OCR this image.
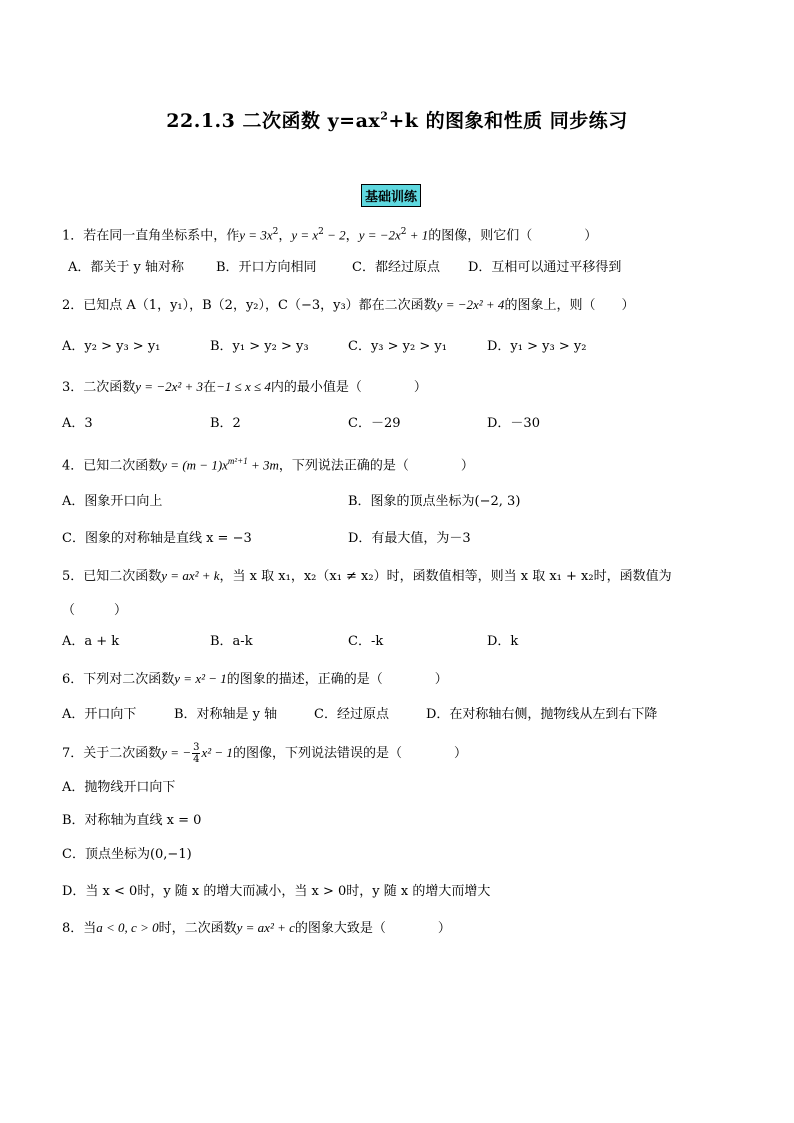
22.1.3 二次函数 $y=ax^2+k$ 的图象和性质 同步练习
基础训练
1．若在同一直角坐标系中，作$y = 3x^2$，$y = x^2 - 2$，$y = -2x^2 + 1$的图像，则它们（　　　　）
A．都关于 y 轴对称 B．开口方向相同	C．都经过原点 D．互相可以通过平移得到
2．已知点 A（1，y₁），B（2，y₂），C（−3，y₃）都在二次函数y = −2x² + 4的图象上，则（　　）
A．y₂ > y₃ > y₁	B．y₁ > y₂ > y₃	C．y₃ > y₂ > y₁	D．y₁ > y₃ > y₂
3．二次函数y = −2x² + 3在−1 ≤ x ≤ 4内的最小值是（　　　　）
A．3	B．2	C．－29	D．－30
4．已知二次函数$y = (m - 1)x^{m^2+1} + 3m$，下列说法正确的是（　　　　）
A．图象开口向上	B．图象的顶点坐标为(−2, 3)
C．图象的对称轴是直线 x = −3	D．有最大值，为－3
5．已知二次函数y = ax² + k，当 x 取 x₁，x₂（x₁ ≠ x₂）时，函数值相等，则当 x 取 x₁ + x₂时，函数值为
（　　　）
A．a + k	B．a-k	C．-k	D．k
6．下列对二次函数y = x² − 1的图象的描述，正确的是（　　　　）
A．开口向下	B．对称轴是 y 轴	C．经过原点	D．在对称轴右侧，抛物线从左到右下降
7．关于二次函数y = − $\frac{3}{4} x^2 - 1$的图像，下列说法错误的是（　　　　）
A．抛物线开口向下
B．对称轴为直线 x = 0
C．顶点坐标为(0,−1)
D．当 x < 0时，y 随 x 的增大而减小，当 x > 0时，y 随 x 的增大而增大
8．当a < 0, c > 0时，二次函数y = ax² + c的图象大致是（　　　　）
